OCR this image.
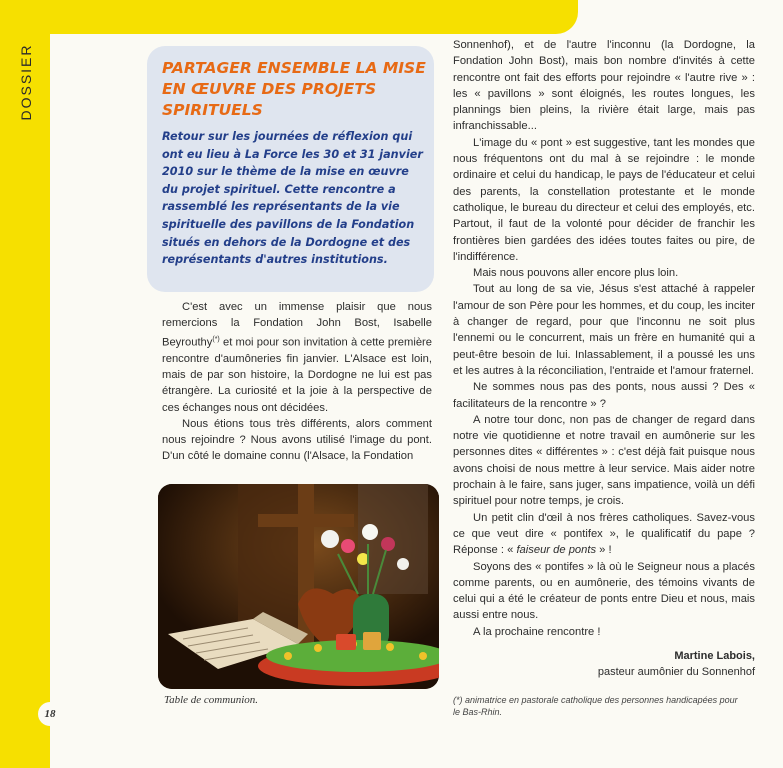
DOSSIER	PARTAGER ENSEMBLE LA MISE
EN ŒUVRE DES PROJETS SPIRITUELS

Retour sur les journées de réflexion qui ont eu lieu à La Force les 30 et 31 janvier 2010 sur le thème de la mise en œuvre du projet spirituel. Cette rencontre a rassemblé les représentants de la vie spirituelle des pavillons de la Fondation situés en dehors de la Dordogne et des représentants d'autres institutions.

C'est avec un immense plaisir que nous remercions la Fondation John Bost, Isabelle Beyrouthy(*) et moi pour son invitation à cette première rencontre d'aumôneries fin janvier. L'Alsace est loin, mais de par son histoire, la Dordogne ne lui est pas étrangère. La curiosité et la joie à la perspective de ces échanges nous ont décidées.

Nous étions tous très différents, alors comment nous rejoindre ? Nous avons utilisé l'image du pont. D'un côté le domaine connu (l'Alsace, la Fondation

Table de communion.

Sonnenhof), et de l'autre l'inconnu (la Dordogne, la Fondation John Bost), mais bon nombre d'invités à cette rencontre ont fait des efforts pour rejoindre « l'autre rive » : les « pavillons » sont éloignés, les routes longues, les plannings bien pleins, la rivière était large, mais pas infranchissable...

L'image du « pont » est suggestive, tant les mondes que nous fréquentons ont du mal à se rejoindre : le monde ordinaire et celui du handicap, le pays de l'éducateur et celui des parents, la constellation protestante et le monde catholique, le bureau du directeur et celui des employés, etc. Partout, il faut de la volonté pour décider de franchir les frontières bien gardées des idées toutes faites ou pire, de l'indifférence.

Mais nous pouvons aller encore plus loin.

Tout au long de sa vie, Jésus s'est attaché à rappeler l'amour de son Père pour les hommes, et du coup, les inciter à changer de regard, pour que l'inconnu ne soit plus l'ennemi ou le concurrent, mais un frère en humanité qui a peut-être besoin de lui. Inlassablement, il a poussé les uns et les autres à la réconciliation, l'entraide et l'amour fraternel.

Ne sommes nous pas des ponts, nous aussi ? Des « facilitateurs de la rencontre » ?

A notre tour donc, non pas de changer de regard dans notre vie quotidienne et notre travail en aumônerie sur les personnes dites « différentes » : c'est déjà fait puisque nous avons choisi de nous mettre à leur service. Mais aider notre prochain à le faire, sans juger, sans impatience, voilà un défi spirituel pour notre temps, je crois.

Un petit clin d'œil à nos frères catholiques. Savez-vous ce que veut dire « pontifex », le qualificatif du pape ? Réponse : « faiseur de ponts » !

Soyons des « pontifes » là où le Seigneur nous a placés comme parents, ou en aumônerie, des témoins vivants de celui qui a été le créateur de ponts entre Dieu et nous, mais aussi entre nous.

A la prochaine rencontre !

Martine Labois,
pasteur aumônier du Sonnenhof

(*) animatrice en pastorale catholique des personnes handicapées pour le Bas-Rhin.

18
